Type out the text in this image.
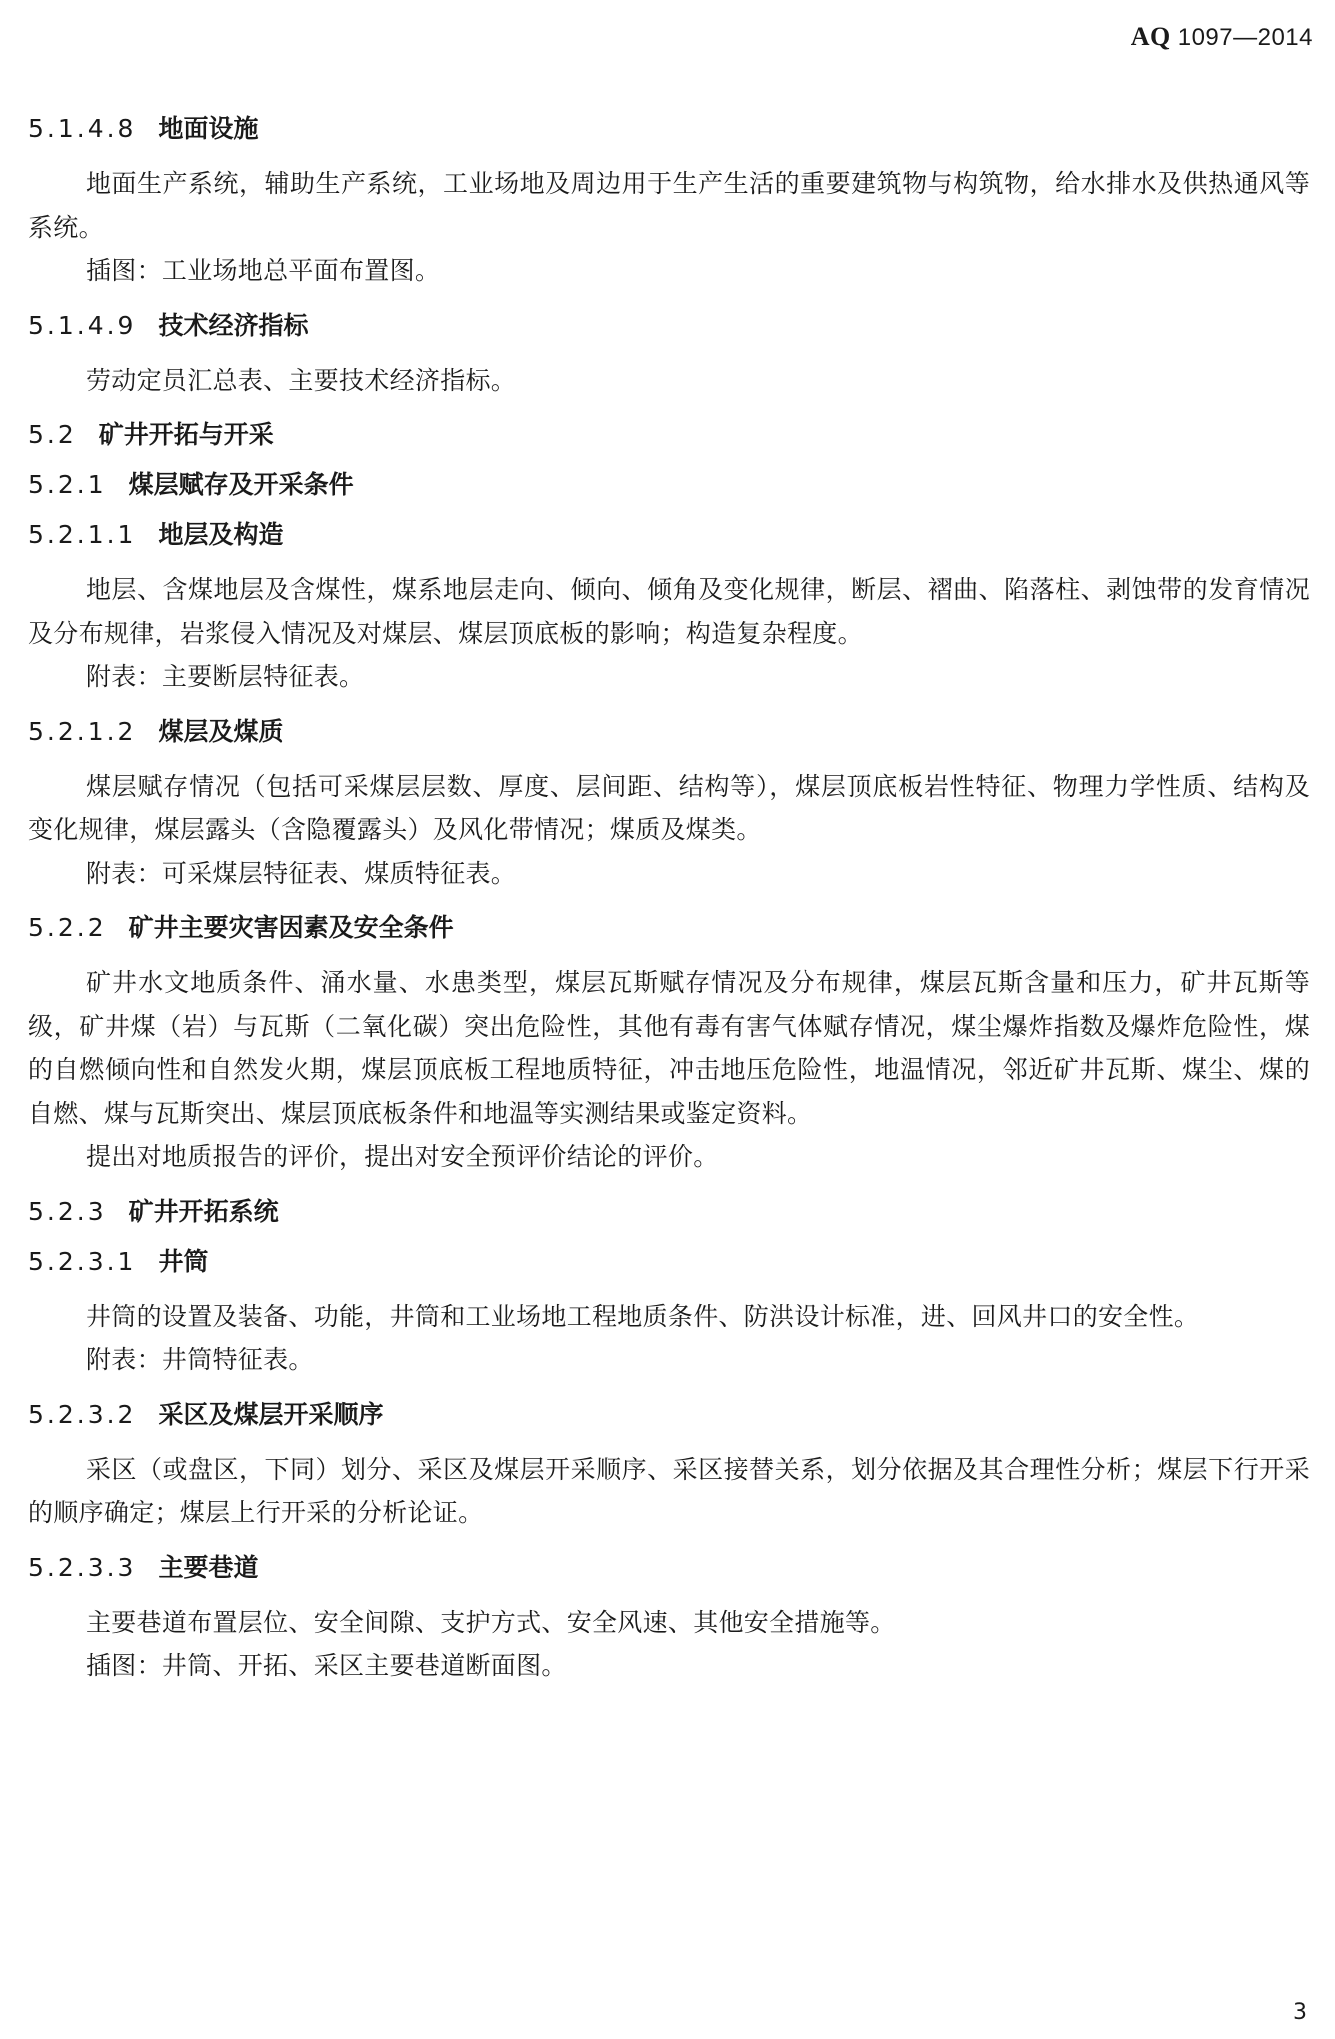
AQ 1097—2014
5.1.4.8 地面设施

地面生产系统，辅助生产系统，工业场地及周边用于生产生活的重要建筑物与构筑物，给水排水及供热通风等系统。

插图：工业场地总平面布置图。

5.1.4.9 技术经济指标

劳动定员汇总表、主要技术经济指标。

5.2 矿井开拓与开采
5.2.1 煤层赋存及开采条件
5.2.1.1 地层及构造

地层、含煤地层及含煤性，煤系地层走向、倾向、倾角及变化规律，断层、褶曲、陷落柱、剥蚀带的发育情况及分布规律，岩浆侵入情况及对煤层、煤层顶底板的影响；构造复杂程度。

附表：主要断层特征表。

5.2.1.2 煤层及煤质

煤层赋存情况（包括可采煤层层数、厚度、层间距、结构等），煤层顶底板岩性特征、物理力学性质、结构及变化规律，煤层露头（含隐覆露头）及风化带情况；煤质及煤类。

附表：可采煤层特征表、煤质特征表。

5.2.2 矿井主要灾害因素及安全条件

矿井水文地质条件、涌水量、水患类型，煤层瓦斯赋存情况及分布规律，煤层瓦斯含量和压力，矿井瓦斯等级，矿井煤（岩）与瓦斯（二氧化碳）突出危险性，其他有毒有害气体赋存情况，煤尘爆炸指数及爆炸危险性，煤的自燃倾向性和自然发火期，煤层顶底板工程地质特征，冲击地压危险性，地温情况，邻近矿井瓦斯、煤尘、煤的自燃、煤与瓦斯突出、煤层顶底板条件和地温等实测结果或鉴定资料。

提出对地质报告的评价，提出对安全预评价结论的评价。

5.2.3 矿井开拓系统
5.2.3.1 井筒

井筒的设置及装备、功能，井筒和工业场地工程地质条件、防洪设计标准，进、回风井口的安全性。

附表：井筒特征表。

5.2.3.2 采区及煤层开采顺序

采区（或盘区，下同）划分、采区及煤层开采顺序、采区接替关系，划分依据及其合理性分析；煤层下行开采的顺序确定；煤层上行开采的分析论证。

5.2.3.3 主要巷道

主要巷道布置层位、安全间隙、支护方式、安全风速、其他安全措施等。

插图：井筒、开拓、采区主要巷道断面图。

3
